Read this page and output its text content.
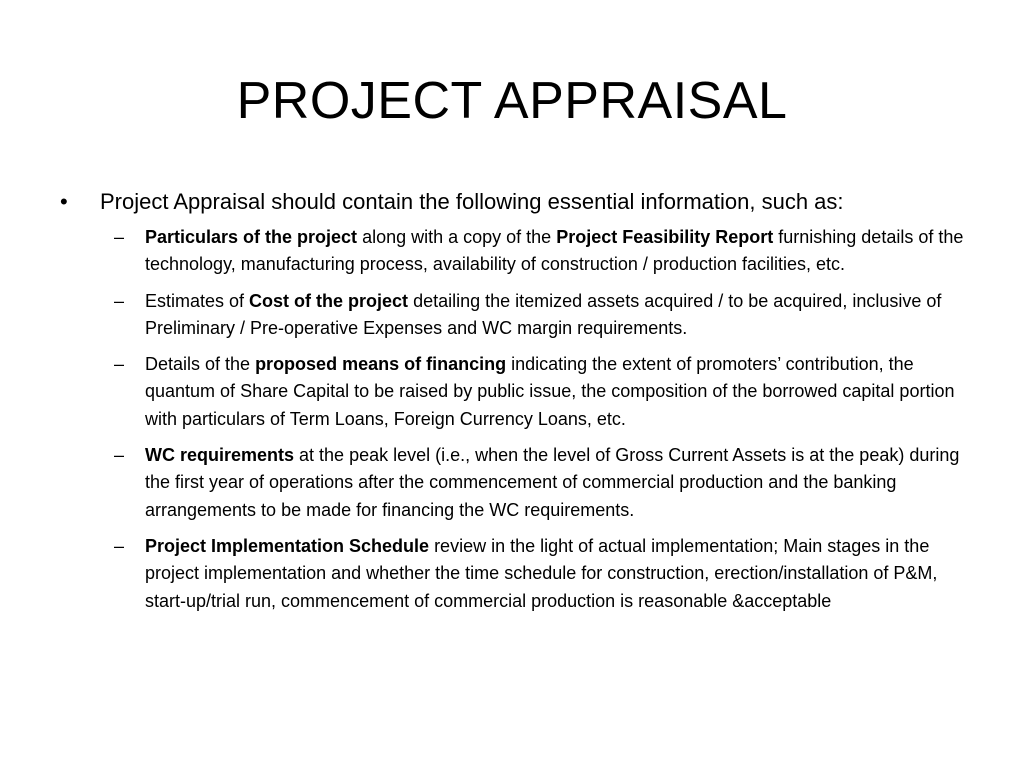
PROJECT APPRAISAL
•	Project Appraisal should contain the following essential information, such as:
–	Particulars of the project along with a copy of the Project Feasibility Report furnishing details of the technology, manufacturing process, availability of construction / production facilities, etc.
–	Estimates of Cost of the project detailing the itemized assets acquired / to be acquired, inclusive of Preliminary / Pre-operative Expenses and WC margin requirements.
–	Details of the proposed means of financing indicating the extent of promoters’ contribution, the quantum of Share Capital to be raised by public issue, the composition of the borrowed capital portion with particulars of Term Loans, Foreign Currency Loans, etc.
–	WC requirements at the peak level (i.e., when the level of Gross Current Assets is at the peak) during the first year of operations after the commencement of commercial production and the banking arrangements to be made for financing the WC requirements.
–	Project Implementation Schedule review in the light of actual implementation; Main stages in the project implementation and whether the time schedule for construction, erection/installation of P&M, start-up/trial run, commencement of commercial production is reasonable &acceptable
